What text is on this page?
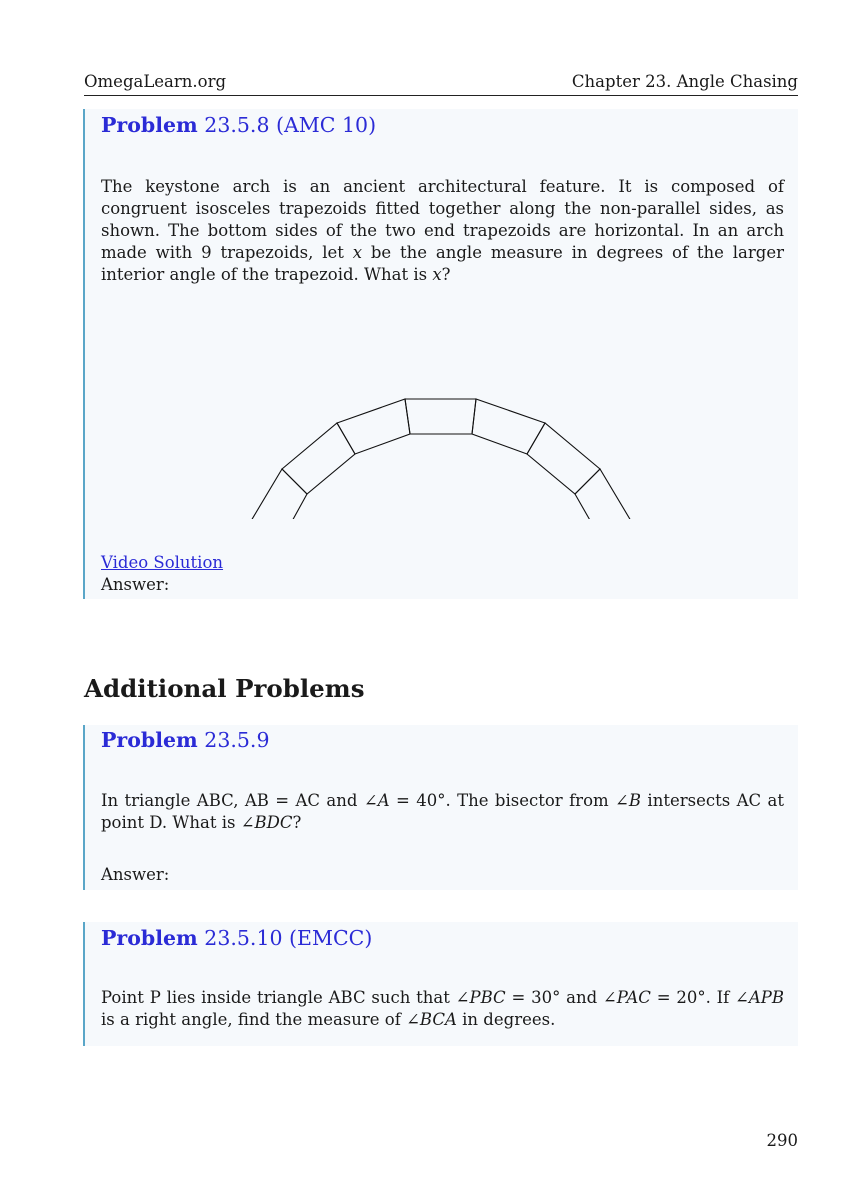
OmegaLearn.org	Chapter 23. Angle Chasing
Problem 23.5.8 (AMC 10)
The keystone arch is an ancient architectural feature. It is composed of congruent isosceles trapezoids fitted together along the non-parallel sides, as shown. The bottom sides of the two end trapezoids are horizontal. In an arch made with 9 trapezoids, let x be the angle measure in degrees of the larger interior angle of the trapezoid. What is x?
Video Solution
Answer:
Additional Problems
Problem 23.5.9
In triangle ABC, AB = AC and ∠A = 40°. The bisector from ∠B intersects AC at point D. What is ∠BDC?
Answer:
Problem 23.5.10 (EMCC)
Point P lies inside triangle ABC such that ∠PBC = 30° and ∠PAC = 20°. If ∠APB is a right angle, find the measure of ∠BCA in degrees.
290
